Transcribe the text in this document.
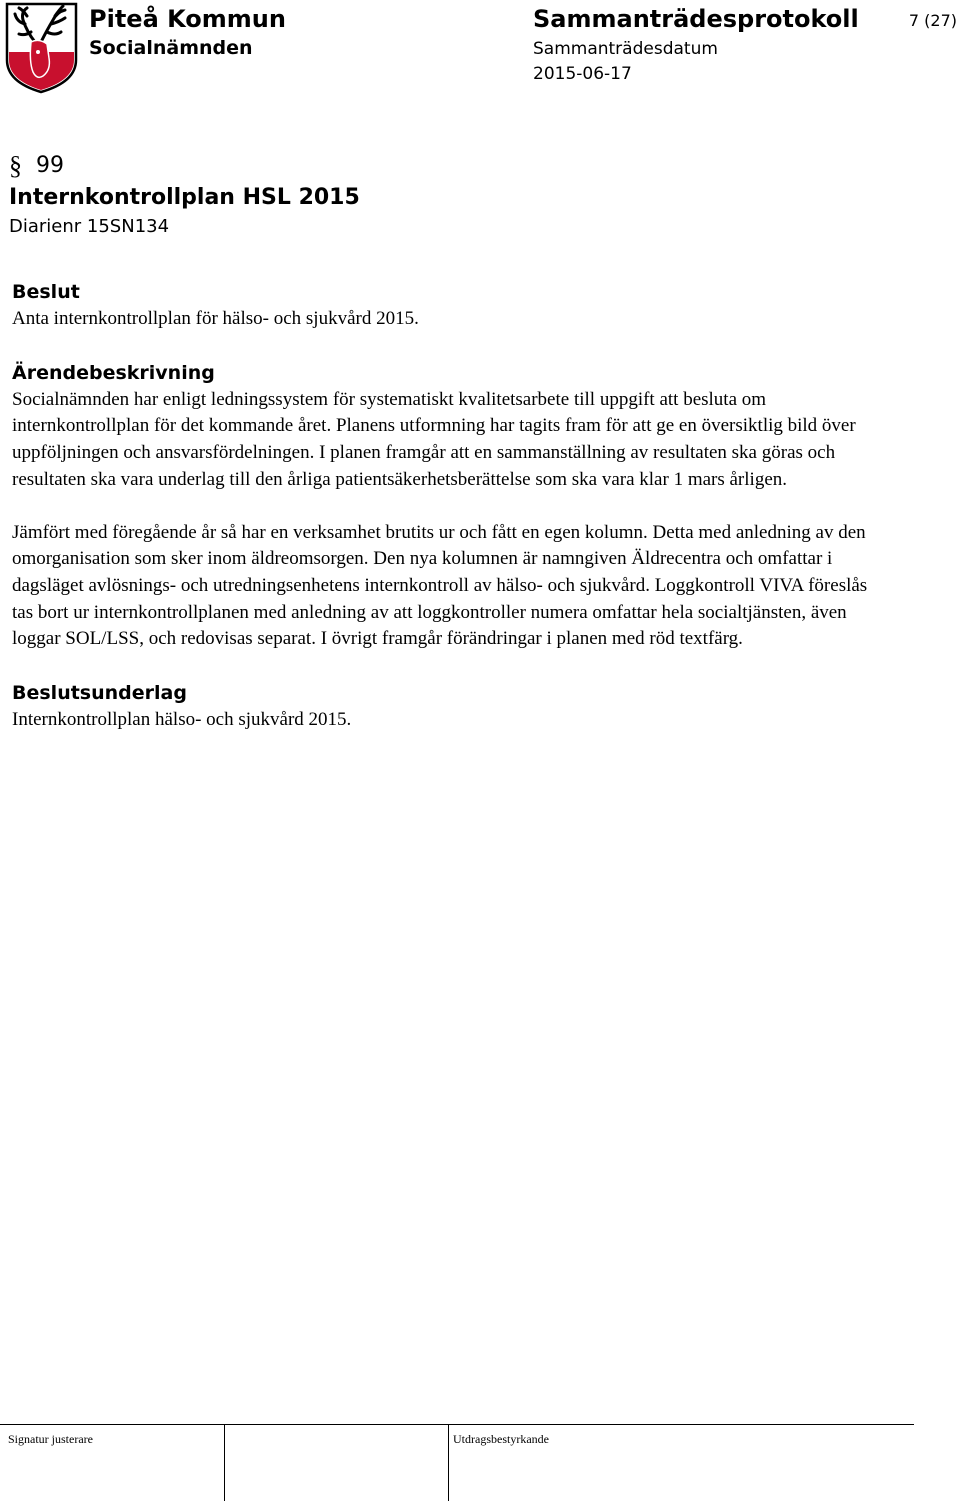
Piteå Kommun
Socialnämnden
Sammanträdesprotokoll
Sammanträdesdatum
2015-06-17
7 (27)
§ 99
Internkontrollplan HSL 2015
Diarienr 15SN134

Beslut

Anta internkontrollplan för hälso- och sjukvård 2015.

Ärendebeskrivning

Socialnämnden har enligt ledningssystem för systematiskt kvalitetsarbete till uppgift att besluta om internkontrollplan för det kommande året. Planens utformning har tagits fram för att ge en översiktlig bild över uppföljningen och ansvarsfördelningen. I planen framgår att en sammanställning av resultaten ska göras och resultaten ska vara underlag till den årliga patientsäkerhetsberättelse som ska vara klar 1 mars årligen.

Jämfört med föregående år så har en verksamhet brutits ur och fått en egen kolumn. Detta med anledning av den omorganisation som sker inom äldreomsorgen. Den nya kolumnen är namngiven Äldrecentra och omfattar i dagsläget avlösnings- och utredningsenhetens internkontroll av hälso- och sjukvård. Loggkontroll VIVA föreslås tas bort ur internkontrollplanen med anledning av att loggkontroller numera omfattar hela socialtjänsten, även loggar SOL/LSS, och redovisas separat. I övrigt framgår förändringar i planen med röd textfärg.

Beslutsunderlag

Internkontrollplan hälso- och sjukvård 2015.

Signatur justerare	Utdragsbestyrkande
